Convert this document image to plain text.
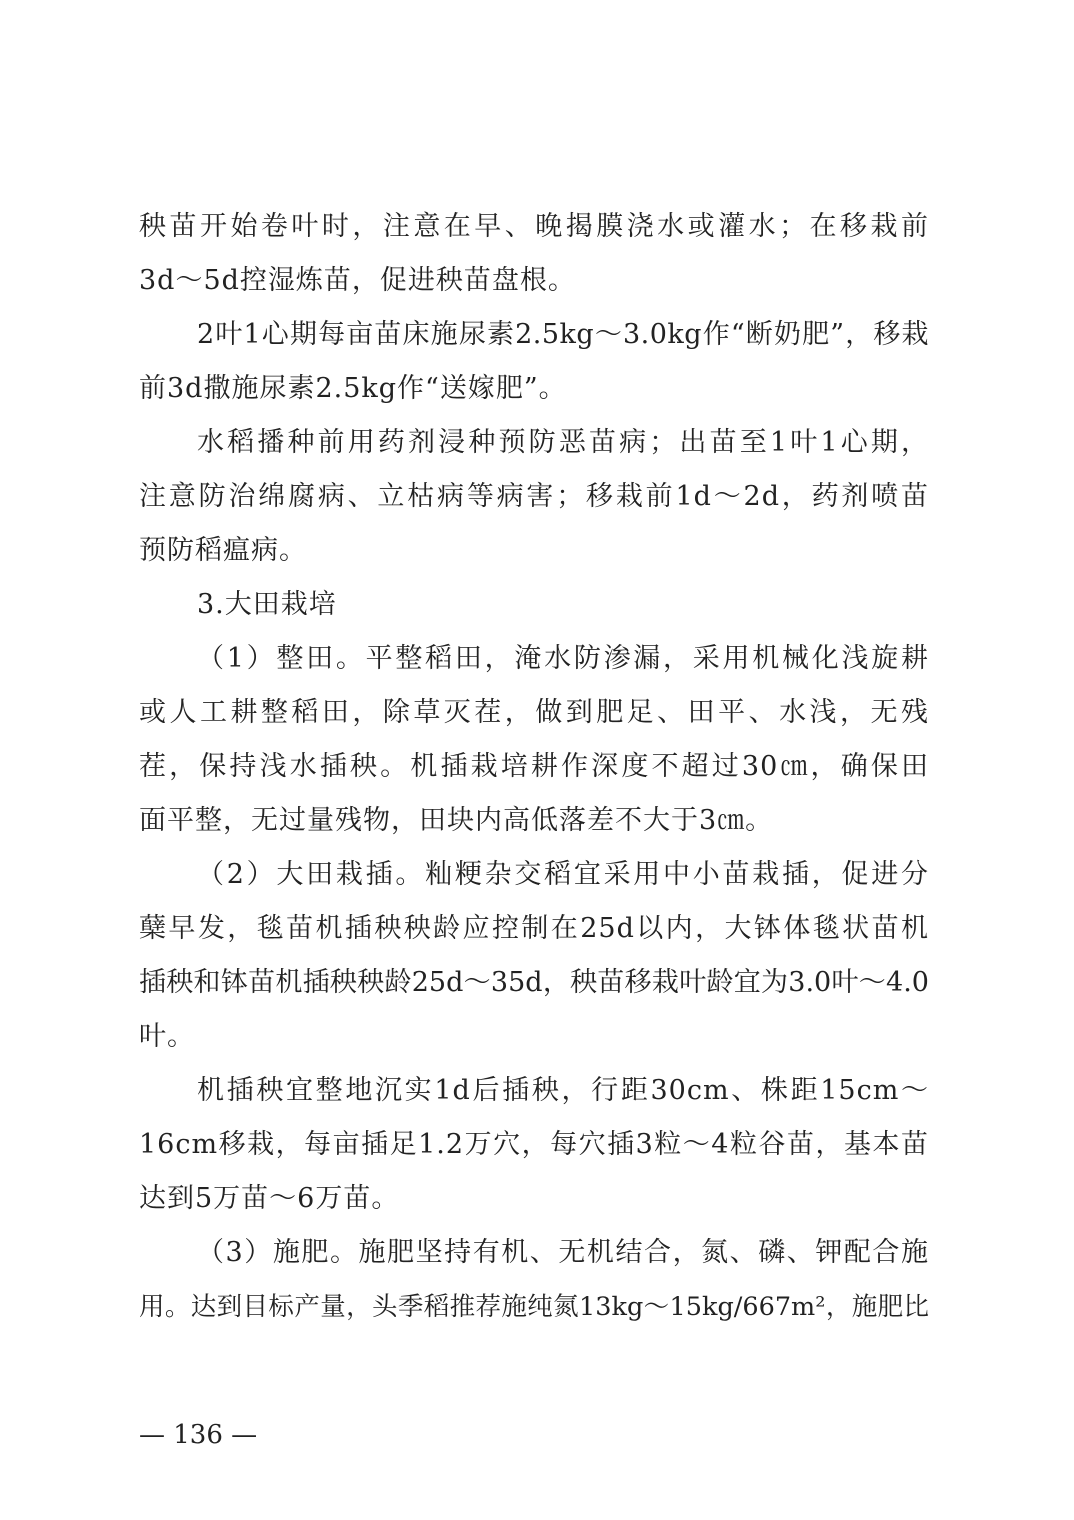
秧苗开始卷叶时，注意在早、晚揭膜浇水或灌水；在移栽前
3d～5d控湿炼苗，促进秧苗盘根。
2叶1心期每亩苗床施尿素2.5kg～3.0kg作“断奶肥”，移栽
前3d撒施尿素2.5kg作“送嫁肥”。
水稻播种前用药剂浸种预防恶苗病；出苗至1叶1心期，
注意防治绵腐病、立枯病等病害；移栽前1d～2d，药剂喷苗
预防稻瘟病。
3.大田栽培
（1）整田。平整稻田，淹水防渗漏，采用机械化浅旋耕
或人工耕整稻田，除草灭茬，做到肥足、田平、水浅，无残
茬，保持浅水插秧。机插栽培耕作深度不超过30㎝，确保田
面平整，无过量残物，田块内高低落差不大于3㎝。
（2）大田栽插。籼粳杂交稻宜采用中小苗栽插，促进分
蘖早发，毯苗机插秧秧龄应控制在25d以内，大钵体毯状苗机
插秧和钵苗机插秧秧龄25d～35d，秧苗移栽叶龄宜为3.0叶～4.0
叶。
机插秧宜整地沉实1d后插秧，行距30cm、株距15cm～
16cm移栽，每亩插足1.2万穴，每穴插3粒～4粒谷苗，基本苗
达到5万苗～6万苗。
（3）施肥。施肥坚持有机、无机结合，氮、磷、钾配合施
用。达到目标产量，头季稻推荐施纯氮13kg～15kg/667m²，施肥比
— 136 —
